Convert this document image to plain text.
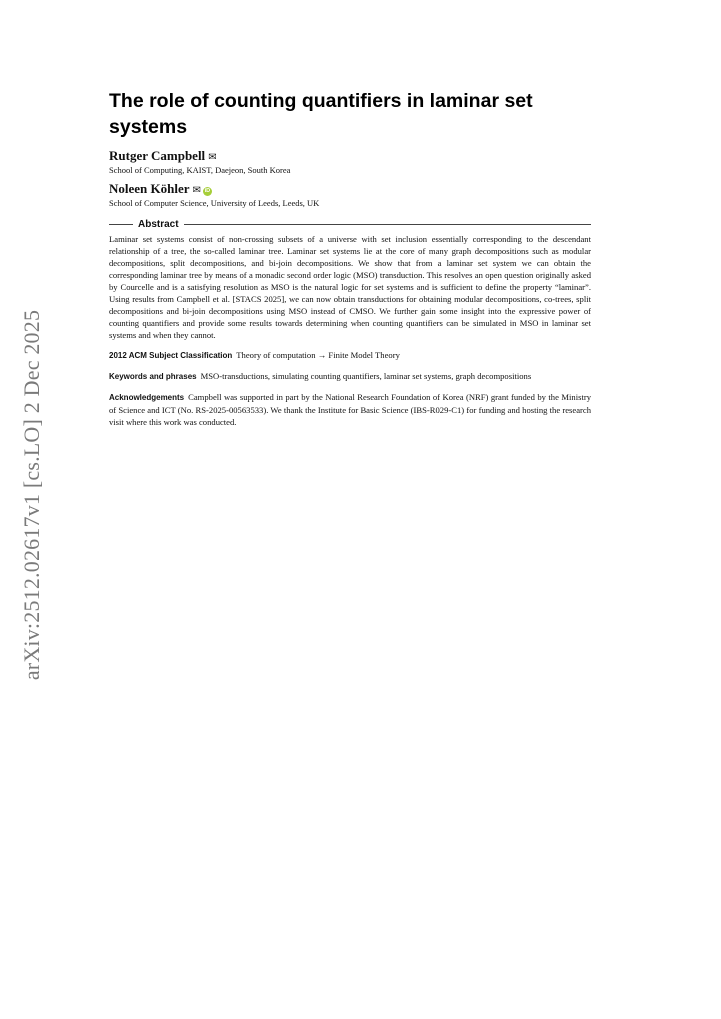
arXiv:2512.02617v1 [cs.LO] 2 Dec 2025
The role of counting quantifiers in laminar set systems
Rutger Campbell ✉
School of Computing, KAIST, Daejeon, South Korea
Noleen Köhler ✉ iD
School of Computer Science, University of Leeds, Leeds, UK
Abstract

Laminar set systems consist of non-crossing subsets of a universe with set inclusion essentially corresponding to the descendant relationship of a tree, the so-called laminar tree. Laminar set systems lie at the core of many graph decompositions such as modular decompositions, split decompositions, and bi-join decompositions. We show that from a laminar set system we can obtain the corresponding laminar tree by means of a monadic second order logic (MSO) transduction. This resolves an open question originally asked by Courcelle and is a satisfying resolution as MSO is the natural logic for set systems and is sufficient to define the property “laminar”. Using results from Campbell et al. [STACS 2025], we can now obtain transductions for obtaining modular decompositions, co-trees, split decompositions and bi-join decompositions using MSO instead of CMSO. We further gain some insight into the expressive power of counting quantifiers and provide some results towards determining when counting quantifiers can be simulated in MSO in laminar set systems and when they cannot.

2012 ACM Subject Classification Theory of computation → Finite Model Theory
Keywords and phrases MSO-transductions, simulating counting quantifiers, laminar set systems, graph decompositions
Acknowledgements Campbell was supported in part by the National Research Foundation of Korea (NRF) grant funded by the Ministry of Science and ICT (No. RS-2025-00563533). We thank the Institute for Basic Science (IBS-R029-C1) for funding and hosting the research visit where this work was conducted.
